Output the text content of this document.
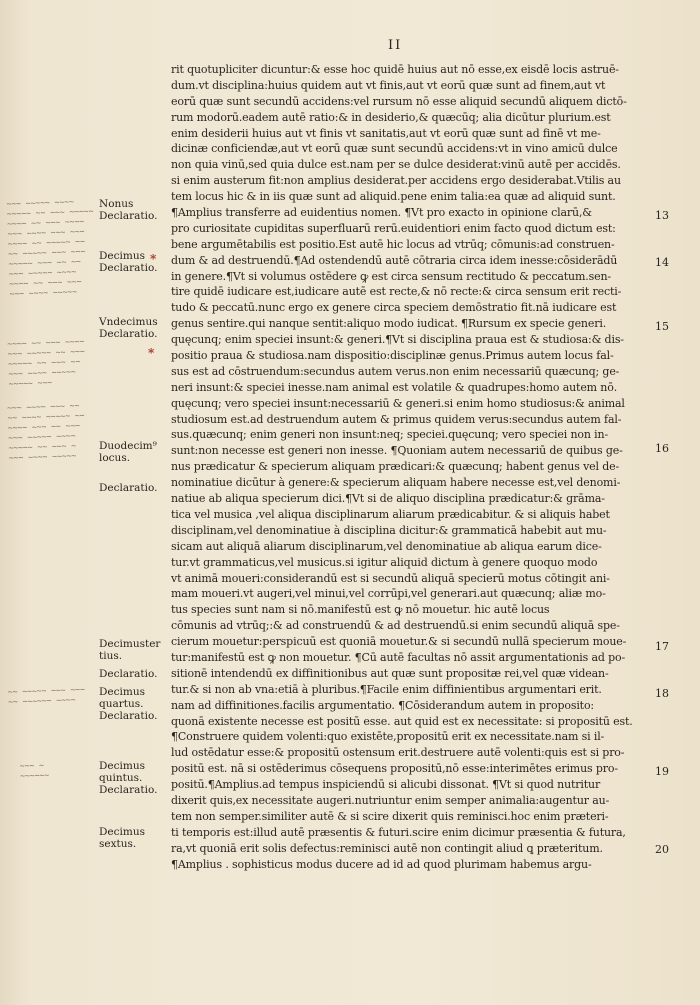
II
~~~ ~~~~~ ~~~~
~~~~~ ~~ ~~~ ~~~~~
~~~~ ~~ ~~~ ~~~~
~~~ ~~~~ ~~~ ~~~
~~~~ ~~ ~~~~~ ~~
~~ ~~~~~ ~~~ ~~~
~~~~~ ~~~ ~~ ~~
~~~ ~~~~~ ~~~~
~~~~ ~~ ~~~ ~~~
~~~ ~~~~ ~~~~~
~~~~ ~~ ~~~ ~~~~
~~~ ~~~~~ ~~ ~~~
~~~~~ ~~ ~~~ ~~
~~~ ~~~~ ~~~~~
~~~~~ ~~~
~~~ ~~~~ ~~~ ~~
~~ ~~~~ ~~~~~ ~~
~~~~ ~~~ ~~ ~~~
~~~ ~~~~~ ~~~~
~~~~~ ~~ ~~~ ~
~~~ ~~~~ ~~~~~
~~ ~~~~~ ~~~ ~~~
~~ ~~~~~~ ~~~~
~~~ ~
~~~~~~
*
*
Nonus
Declaratio.
Decimus
Declaratio.
Vndecimus
Declaratio.
Duodecim⁹
locus.
Declaratio.
Decimuster
tius.
Declaratio.
Decimus
quartus.
Declaratio.
Decimus
quintus.
Declaratio.
Decimus
sextus.
13
14
15
16
17
18
19
20
rit quotupliciter dicuntur:& esse hoc quidē huius aut nō esse,ex eisdē locis astruē-
dum.vt disciplina:huius quidem aut vt finis,aut vt eorū quæ sunt ad finem,aut vt
eorū quæ sunt secundū accidens:vel rursum nō esse aliquid secundū aliquem dictō-
rum modorū.eadem autē ratio:& in desiderio,& quæcūq; alia dicūtur plurium.est
enim desiderii huius aut vt finis vt sanitatis,aut vt eorū quæ sunt ad finē vt me-
dicinæ conficiendæ,aut vt eorū quæ sunt secundū accidens:vt in vino amicū dulce
non quia vinū,sed quia dulce est.nam per se dulce desiderat:vinū autē per accidēs.
si enim austerum fit:non amplius desiderat.per accidens ergo desiderabat.Vtilis au
tem locus hic & in iis quæ sunt ad aliquid.pene enim talia:ea quæ ad aliquid sunt.
¶Amplius transferre ad euidentius nomen. ¶Vt pro exacto in opinione clarū,&
pro curiositate cupiditas superfluarū rerū.euidentiori enim facto quod dictum est:
bene argumētabilis est positio.Est autē hic locus ad vtrūq; cōmunis:ad construen-
dum & ad destruendū.¶Ad ostendendū autē cōtraria circa idem inesse:cōsiderādū
in genere.¶Vt si volumus ostēdere ꝙ est circa sensum rectitudo & peccatum.sen-
tire quidē iudicare est,iudicare autē est recte,& nō recte:& circa sensum erit recti-
tudo & peccatū.nunc ergo ex genere circa speciem demōstratio fit.nā iudicare est
genus sentire.qui nanque sentit:aliquo modo iudicat. ¶Rursum ex specie generi.
quęcunq; enim speciei insunt:& generi.¶Vt si disciplina praua est & studiosa:& dis-
positio praua & studiosa.nam dispositio:disciplinæ genus.Primus autem locus fal-
sus est ad cōstruendum:secundus autem verus.non enim necessariū quæcunq; ge-
neri insunt:& speciei inesse.nam animal est volatile & quadrupes:homo autem nō.
quęcunq; vero speciei insunt:necessariū & generi.si enim homo studiosus:& animal
studiosum est.ad destruendum autem & primus quidem verus:secundus autem fal-
sus.quæcunq; enim generi non insunt:neq; speciei.quęcunq; vero speciei non in-
sunt:non necesse est generi non inesse. ¶Quoniam autem necessariū de quibus ge-
nus prædicatur & specierum aliquam prædicari:& quæcunq; habent genus vel de-
nominatiue dicūtur à genere:& specierum aliquam habere necesse est,vel denomi-
natiue ab aliqua specierum dici.¶Vt si de aliquo disciplina prædicatur:& grāma-
tica vel musica ,vel aliqua disciplinarum aliarum prædicabitur. & si aliquis habet
disciplinam,vel denominatiue à disciplina dicitur:& grammaticā habebit aut mu-
sicam aut aliquā aliarum disciplinarum,vel denominatiue ab aliqua earum dice-
tur.vt grammaticus,vel musicus.si igitur aliquid dictum à genere quoquo modo
vt animā moueri:considerandū est si secundū aliquā specierū motus cōtingit ani-
mam moueri.vt augeri,vel minui,vel corrūpi,vel generari.aut quæcunq; aliæ mo-
tus species sunt nam si nō.manifestū est ꝙ nō mouetur. hic autē locus
cōmunis ad vtrūq;:& ad construendū & ad destruendū.si enim secundū aliquā spe-
cierum mouetur:perspicuū est quoniā mouetur.& si secundū nullā specierum moue-
tur:manifestū est ꝙ non mouetur. ¶Cū autē facultas nō assit argumentationis ad po-
sitionē intendendū ex diffinitionibus aut quæ sunt propositæ rei,vel quæ videan-
tur.& si non ab vna:etiā à pluribus.¶Facile enim diffinientibus argumentari erit.
nam ad diffinitiones.facilis argumentatio. ¶Cōsiderandum autem in proposito:
quonā existente necesse est positū esse. aut quid est ex necessitate: si propositū est.
¶Construere quidem volenti:quo existēte,propositū erit ex necessitate.nam si il-
lud ostēdatur esse:& propositū ostensum erit.destruere autē volenti:quis est si pro-
positū est. nā si ostēderimus cōsequens propositū,nō esse:interimētes erimus pro-
positū.¶Amplius.ad tempus inspiciendū si alicubi dissonat. ¶Vt si quod nutritur
dixerit quis,ex necessitate augeri.nutriuntur enim semper animalia:augentur au-
tem non semper.similiter autē & si scire dixerit quis reminisci.hoc enim præteri-
ti temporis est:illud autē præsentis & futuri.scire enim dicimur præsentia & futura,
ra,vt quoniā erit solis defectus:reminisci autē non contingit aliud ꝗ præteritum.
¶Amplius . sophisticus modus ducere ad id ad quod plurimam habemus argu-
